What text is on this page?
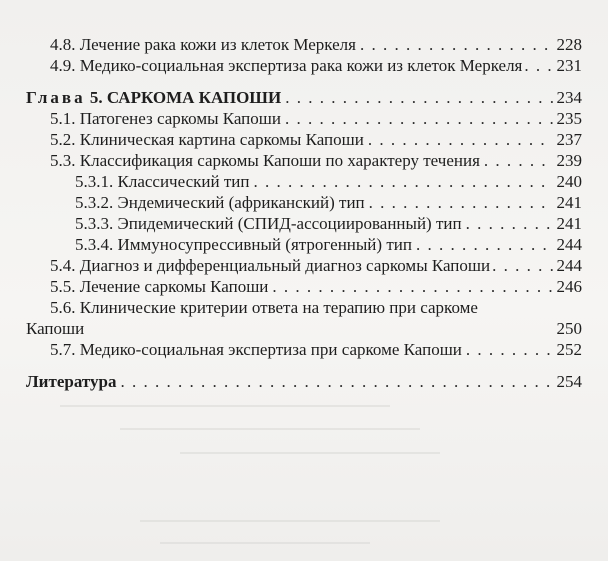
4.8. Лечение рака кожи из клеток Меркеля . . .	228
4.9. Медико-социальная экспертиза рака кожи из клеток Меркеля . . . 231
Глава 5. САРКОМА КАПОШИ . . .	234
5.1. Патогенез саркомы Капоши . . .	235
5.2. Клиническая картина саркомы Капоши . . .	237
5.3. Классификация саркомы Капоши по характеру течения . . .	239
5.3.1. Классический тип . . .	240
5.3.2. Эндемический (африканский) тип . . .	241
5.3.3. Эпидемический (СПИД-ассоциированный) тип . . .	241
5.3.4. Иммуносупрессивный (ятрогенный) тип . . .	244
5.4. Диагноз и дифференциальный диагноз саркомы Капоши . . .	244
5.5. Лечение саркомы Капоши . . .	246
5.6. Клинические критерии ответа на терапию при саркоме
Капоши	250
5.7. Медико-социальная экспертиза при саркоме Капоши . . .	252
Литература . . .	254
